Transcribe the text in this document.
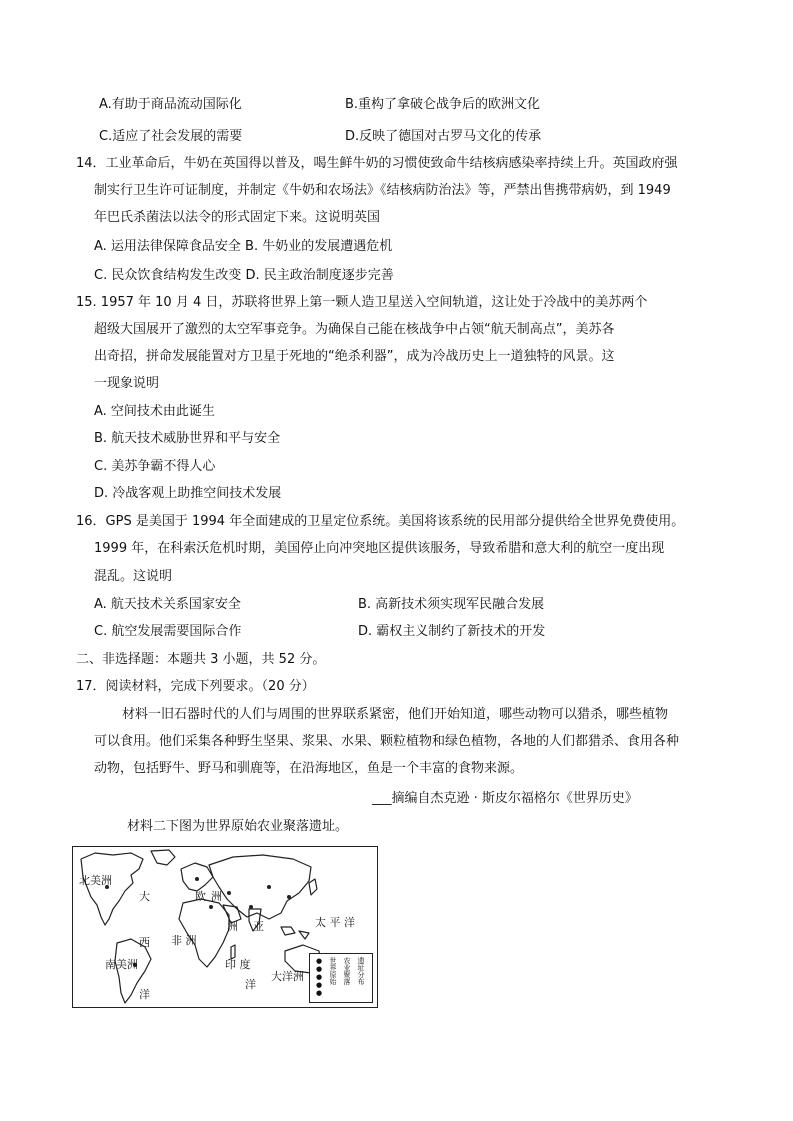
A.有助于商品流动国际化	B.重构了拿破仑战争后的欧洲文化
C.适应了社会发展的需要	D.反映了德国对古罗马文化的传承
14．工业革命后，牛奶在英国得以普及，喝生鲜牛奶的习惯使致命牛结核病感染率持续上升。英国政府强
制实行卫生许可证制度，并制定《牛奶和农场法》《结核病防治法》等，严禁出售携带病奶，到 1949
年巴氏杀菌法以法令的形式固定下来。这说明英国
A. 运用法律保障食品安全 B. 牛奶业的发展遭遇危机
C. 民众饮食结构发生改变 D. 民主政治制度逐步完善
15. 1957 年 10 月 4 日，苏联将世界上第一颗人造卫星送入空间轨道，这让处于冷战中的美苏两个
超级大国展开了激烈的太空军事竞争。为确保自己能在核战争中占领“航天制高点”，美苏各
出奇招，拼命发展能置对方卫星于死地的“绝杀利器”，成为冷战历史上一道独特的风景。这
一现象说明
A. 空间技术由此诞生
B. 航天技术威胁世界和平与安全
C. 美苏争霸不得人心
D. 冷战客观上助推空间技术发展
16．GPS 是美国于 1994 年全面建成的卫星定位系统。美国将该系统的民用部分提供给全世界免费使用。
1999 年，在科索沃危机时期，美国停止向冲突地区提供该服务，导致希腊和意大利的航空一度出现
混乱。这说明
A. 航天技术关系国家安全	B. 高新技术须实现军民融合发展
C. 航空发展需要国际合作	D. 霸权主义制约了新技术的开发
二、非选择题：本题共 3 小题，共 52 分。
17．阅读材料，完成下列要求。（20 分）
材料一旧石器时代的人们与周围的世界联系紧密，他们开始知道，哪些动物可以猎杀，哪些植物
可以食用。他们采集各种野生坚果、浆果、水果、颗粒植物和绿色植物，各地的人们都猎杀、食用各种
动物，包括野牛、野马和驯鹿等，在沿海地区，鱼是一个丰富的食物来源。
___摘编自杰克逊 · 斯皮尔福格尔《世界历史》
材料二下图为世界原始农业聚落遗址。
北美洲
大
西
洋
欧 洲
非 洲
亚
洲	太 平 洋
南美洲	印 度
洋
大洋洲 ●●●●● 世界原始 农业聚落 遗址分布
